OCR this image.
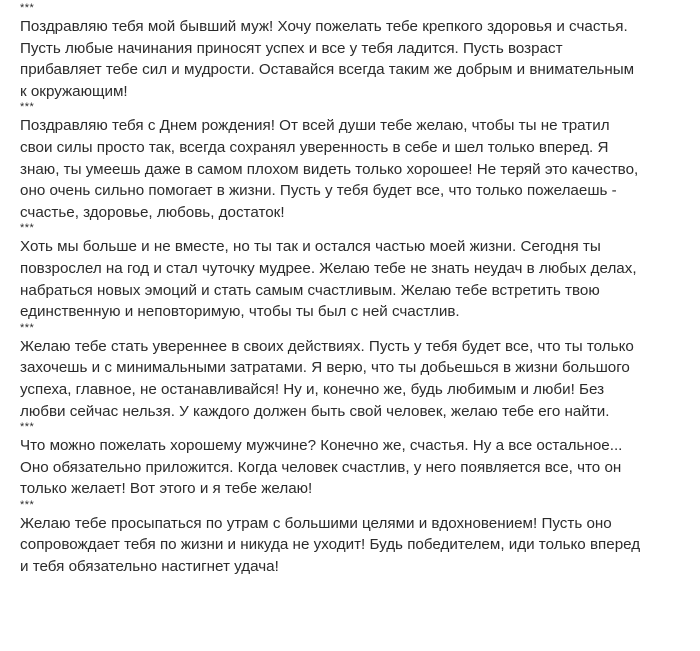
***
Поздравляю тебя мой бывший муж! Хочу пожелать тебе крепкого здоровья и счастья.
Пусть любые начинания приносят успех и все у тебя ладится. Пусть возраст
прибавляет тебе сил и мудрости. Оставайся всегда таким же добрым и внимательным
к окружающим!
***
Поздравляю тебя с Днем рождения! От всей души тебе желаю, чтобы ты не тратил
свои силы просто так, всегда сохранял уверенность в себе и шел только вперед. Я
знаю, ты умеешь даже в самом плохом видеть только хорошее! Не теряй это качество,
оно очень сильно помогает в жизни. Пусть у тебя будет все, что только пожелаешь -
счастье, здоровье, любовь, достаток!
***
Хоть мы больше и не вместе, но ты так и остался частью моей жизни. Сегодня ты
повзрослел на год и стал чуточку мудрее. Желаю тебе не знать неудач в любых делах,
набраться новых эмоций и стать самым счастливым. Желаю тебе встретить твою
единственную и неповторимую, чтобы ты был с ней счастлив.
***
Желаю тебе стать увереннее в своих действиях. Пусть у тебя будет все, что ты только
захочешь и с минимальными затратами. Я верю, что ты добьешься в жизни большого
успеха, главное, не останавливайся! Ну и, конечно же, будь любимым и люби! Без
любви сейчас нельзя. У каждого должен быть свой человек, желаю тебе его найти.
***
Что можно пожелать хорошему мужчине? Конечно же, счастья. Ну а все остальное...
Оно обязательно приложится. Когда человек счастлив, у него появляется все, что он
только желает! Вот этого и я тебе желаю!
***
Желаю тебе просыпаться по утрам с большими целями и вдохновением! Пусть оно
сопровождает тебя по жизни и никуда не уходит! Будь победителем, иди только вперед
и тебя обязательно настигнет удача!
